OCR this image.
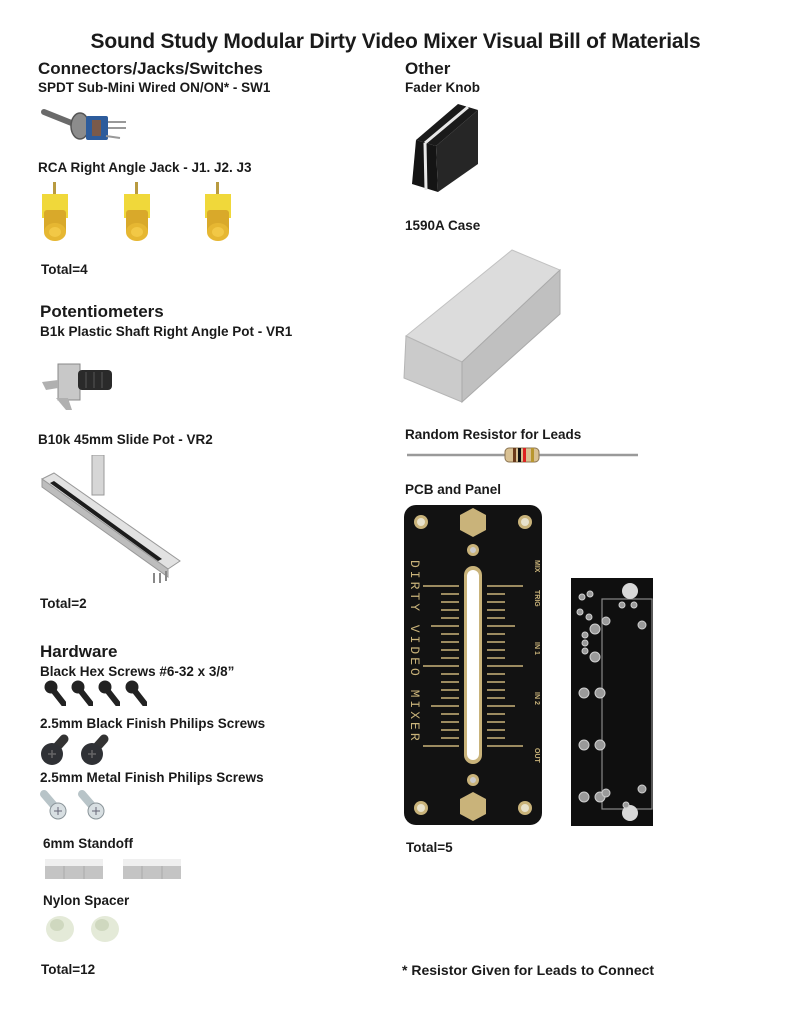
Sound Study Modular Dirty Video Mixer Visual Bill of Materials
Connectors/Jacks/Switches
SPDT Sub-Mini Wired ON/ON* - SW1
RCA Right Angle Jack - J1. J2. J3
Total=4
Potentiometers
B1k Plastic Shaft Right Angle Pot - VR1
B10k 45mm Slide Pot - VR2
Total=2
Hardware
Black Hex Screws #6-32 x 3/8”
2.5mm Black Finish Philips Screws
2.5mm Metal Finish Philips Screws
6mm Standoff
Nylon Spacer
Total=12
Other
Fader Knob
1590A Case
Random Resistor for Leads
PCB and Panel
DIRTY VIDEO MIXER	MIX
TRIG
IN 1
IN 2
OUT
Total=5
* Resistor Given for Leads to Connect
